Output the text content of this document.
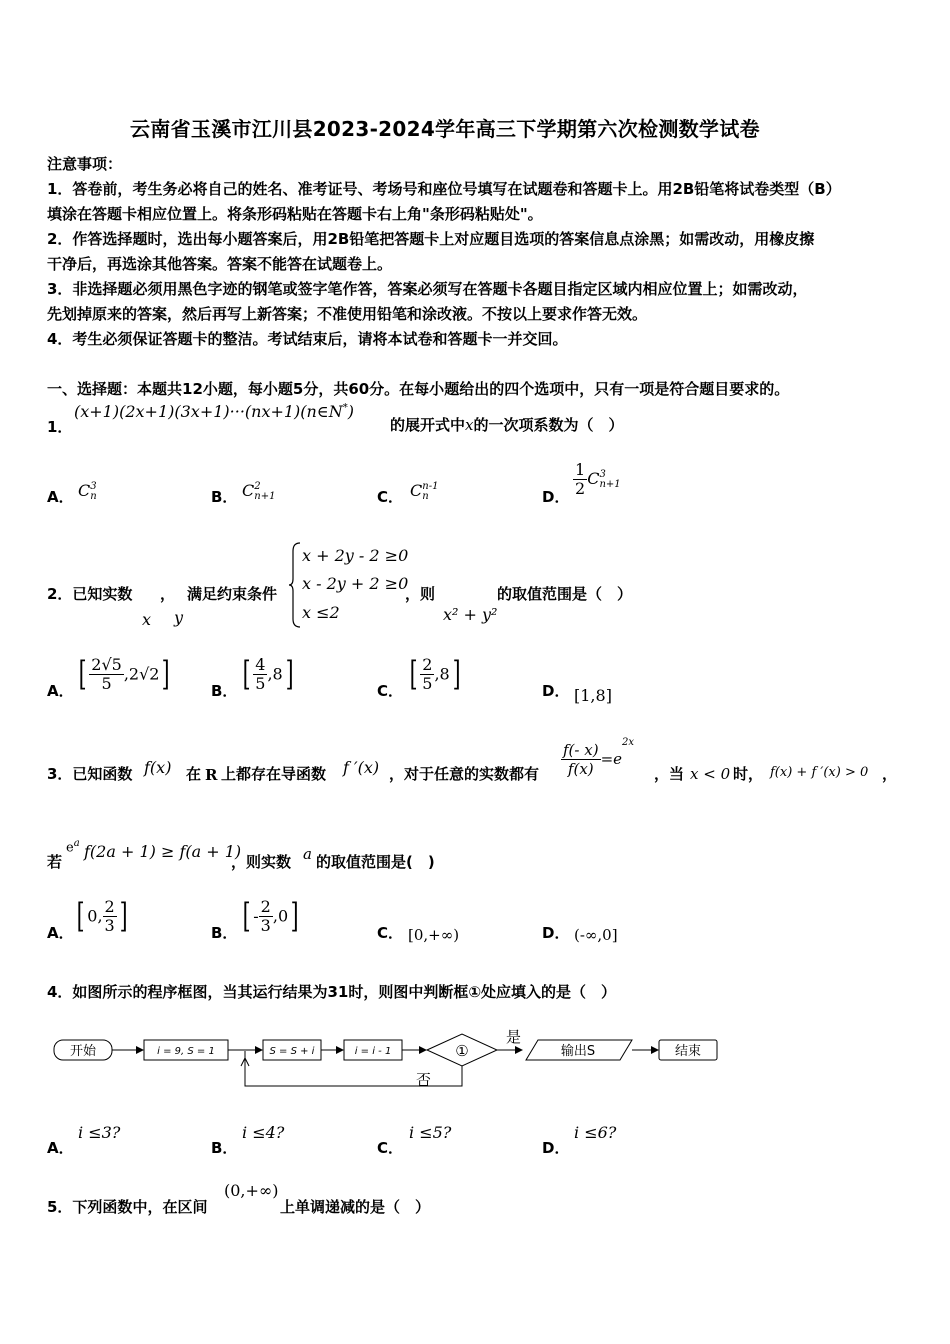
云南省玉溪市江川县2023-2024学年高三下学期第六次检测数学试卷
注意事项：
1．答卷前，考生务必将自己的姓名、准考证号、考场号和座位号填写在试题卷和答题卡上。用2B铅笔将试卷类型（B）
填涂在答题卡相应位置上。将条形码粘贴在答题卡右上角"条形码粘贴处"。
2．作答选择题时，选出每小题答案后，用2B铅笔把答题卡上对应题目选项的答案信息点涂黑；如需改动，用橡皮擦
干净后，再选涂其他答案。答案不能答在试题卷上。
3．非选择题必须用黑色字迹的钢笔或签字笔作答，答案必须写在答题卡各题目指定区域内相应位置上；如需改动，
先划掉原来的答案，然后再写上新答案；不准使用铅笔和涂改液。不按以上要求作答无效。
4．考生必须保证答题卡的整洁。考试结束后，请将本试卷和答题卡一并交回。
一、选择题：本题共12小题，每小题5分，共60分。在每小题给出的四个选项中，只有一项是符合题目要求的。
1．
(x+1)(2x+1)(3x+1)···(nx+1)(n∈N*)
的展开式中x的一次项系数为（　）
A． C 3
n	B． C 2
n+1	C． C n-1
n	D． $\frac{1}{2}$ C 3
n+1
2．已知实数 ，
x
满足约束条件
y
x + 2y - 2 ≥0
x - 2y + 2 ≥0
x ≤2
，则
x² + y²
的取值范围是（　）
A． [ $\frac{2√5}{5} ,2√2$]	B． [ $\frac{4}{5} ,8$]	C． [ $\frac{2}{5} ,8$]	D． [1,8]
3．已知函数 f(x) 在 R 上都存在导函数 f ′(x) ，对于任意的实数都有 $\frac{f(- x)}{f(x)} =e^{2x}$
，当 x < 0 时， f(x) + f ′(x) > 0 ，
若
$e^a$ f(2a + 1) ≥ f(a + 1)
，则实数 a 的取值范围是(　)
A． [ 0, $\frac{2}{3}$ ]	B． [ - $\frac{2}{3} ,0$]	C． [0,+∞)	D． (-∞,0]
4．如图所示的程序框图，当其运行结果为31时，则图中判断框①处应填入的是（　）
开始	i = 9, S = 1	S = S + i	i = i - 1	①
是
输出S	结束
否
A．
i ≤3?
B．
i ≤4?
C．
i ≤5?
D．
i ≤6?
5．下列函数中，在区间
(0,+∞)
上单调递减的是（　）
